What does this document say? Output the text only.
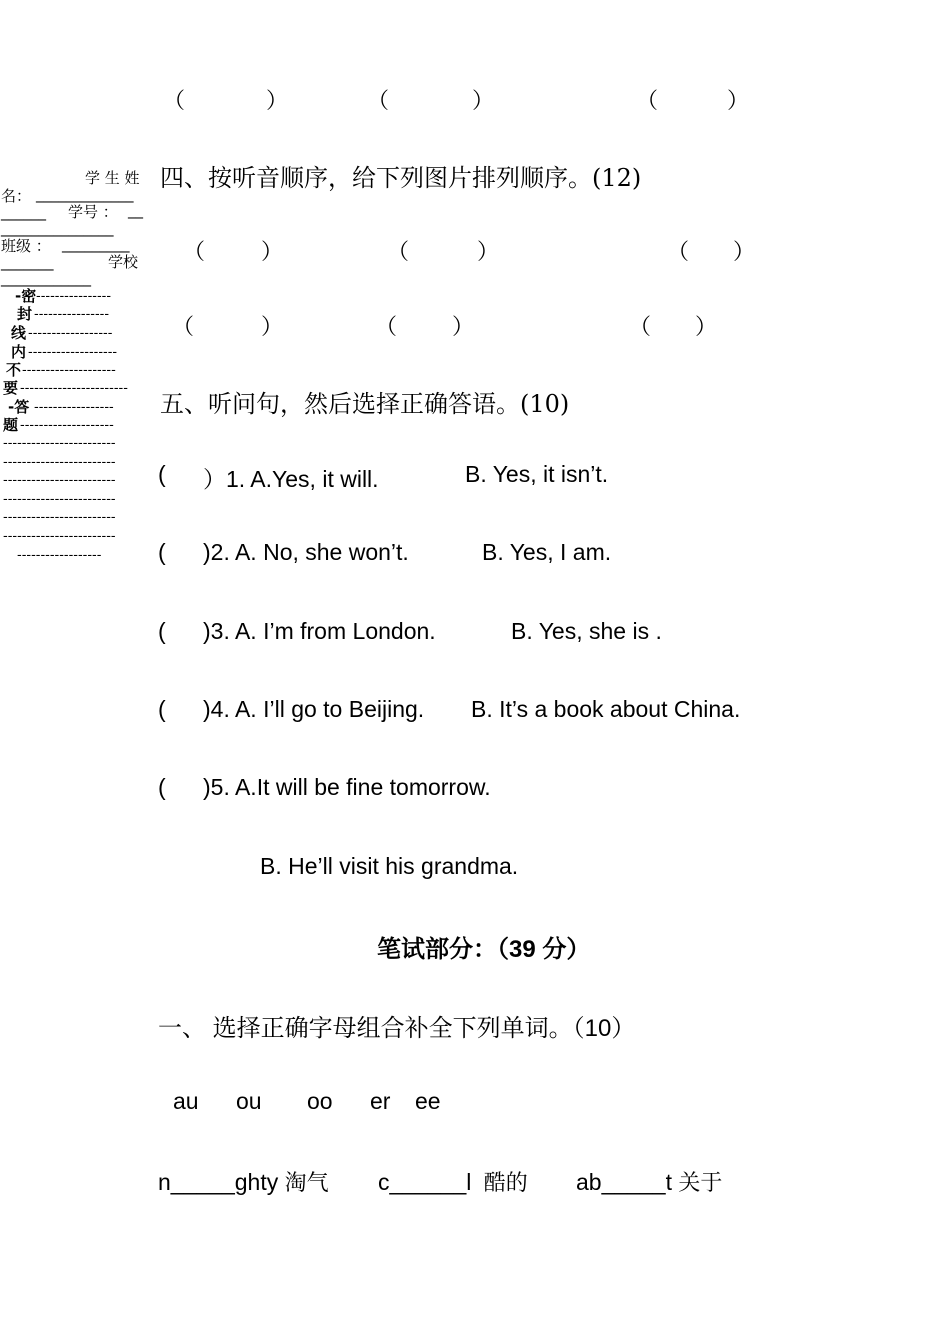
（	）	（	）	（	）
学 生 姓
名： _____________
______ 学号 ： __
_______________
班级 ： _________
_______	学校
____________
-密
封
线
内
不
要
-答
题
----------------
----------------
------------------
-------------------
--------------------
-----------------------
-----------------
--------------------
------------------------
------------------------
------------------------
------------------------
------------------------
------------------------
------------------
四、按听音顺序，给下列图片排列顺序。(12)
（	）	（	）	（ ）
（	）	（ ）	（ ）
五、听问句，然后选择正确答语。(10)
( ）1. A.Yes, it will.	B. Yes, it isn’t.
( )2. A. No, she won’t.	B. Yes, I am.
( )3. A. I’m from London.	B. Yes, she is .
( )4. A. I’ll go to Beijing. B. It’s a book about China.
( )5. A.It will be fine tomorrow.
B. He’ll visit his grandma.
笔试部分：（39 分）
一、 选择正确字母组合补全下列单词。（10）
au ou oo er ee
n_____ghty 淘气 c______l 酷的 ab_____t 关于
